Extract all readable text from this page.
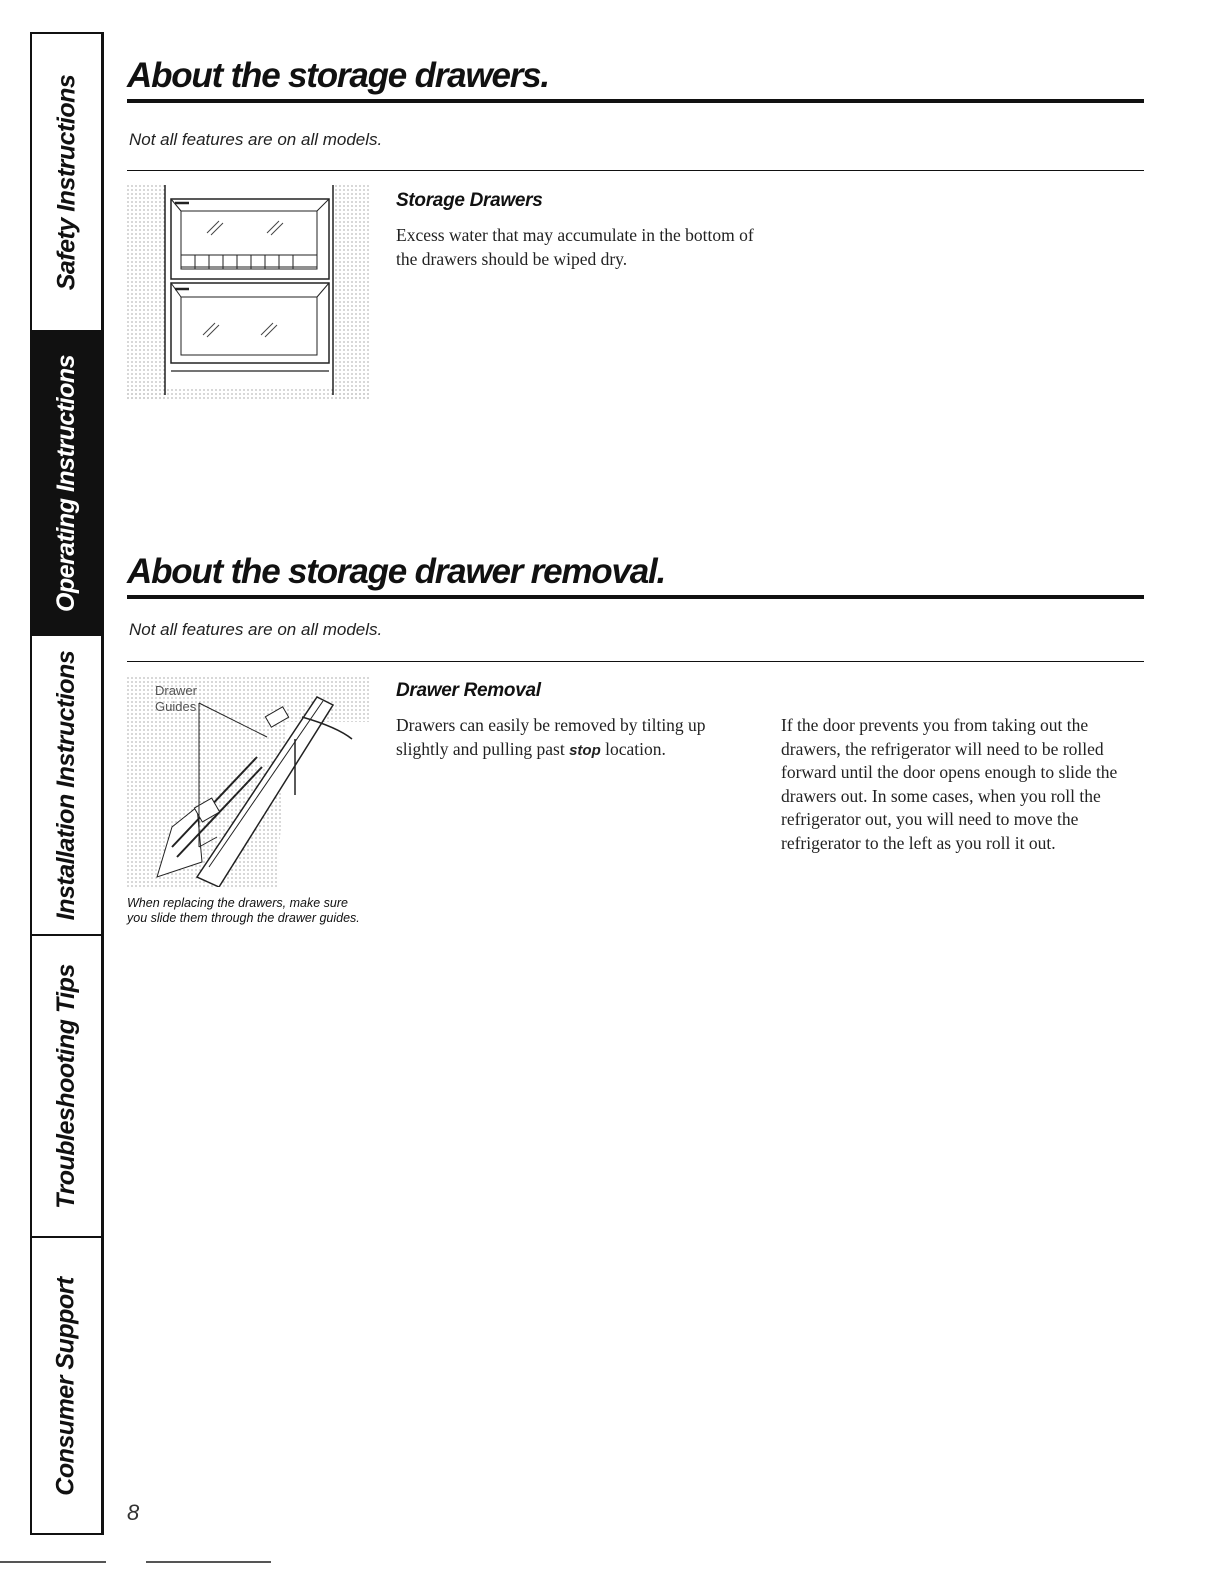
Safety Instructions
Operating Instructions
Installation Instructions
Troubleshooting Tips
Consumer Support
About the storage drawers.
Not all features are on all models.
Storage Drawers

Excess water that may accumulate in the bottom of the drawers should be wiped dry.

About the storage drawer removal.
Not all features are on all models.
Drawer
Guides

When replacing the drawers, make sure you slide them through the drawer guides.

Drawer Removal

Drawers can easily be removed by tilting up slightly and pulling past stop location.

If the door prevents you from taking out the drawers, the refrigerator will need to be rolled forward until the door opens enough to slide the drawers out. In some cases, when you roll the refrigerator out, you will need to move the refrigerator to the left as you roll it out.

8
